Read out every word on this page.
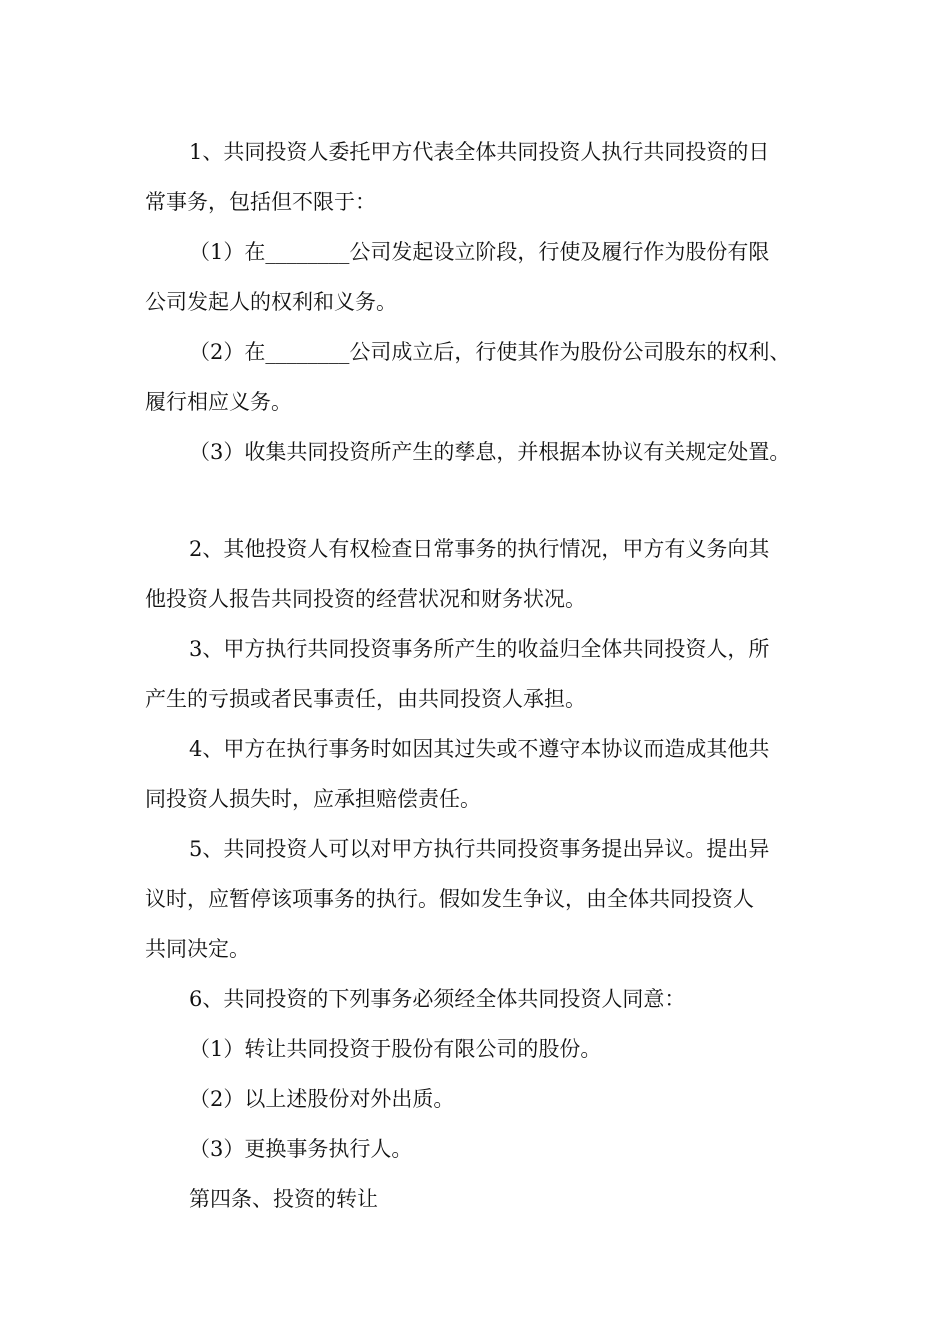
1、共同投资人委托甲方代表全体共同投资人执行共同投资的日
常事务，包括但不限于：
（1）在________公司发起设立阶段，行使及履行作为股份有限
公司发起人的权利和义务。
（2）在________公司成立后，行使其作为股份公司股东的权利、
履行相应义务。
（3）收集共同投资所产生的孳息，并根据本协议有关规定处置。
2、其他投资人有权检查日常事务的执行情况，甲方有义务向其
他投资人报告共同投资的经营状况和财务状况。
3、甲方执行共同投资事务所产生的收益归全体共同投资人，所
产生的亏损或者民事责任，由共同投资人承担。
4、甲方在执行事务时如因其过失或不遵守本协议而造成其他共
同投资人损失时，应承担赔偿责任。
5、共同投资人可以对甲方执行共同投资事务提出异议。提出异
议时，应暂停该项事务的执行。假如发生争议，由全体共同投资人
共同决定。
6、共同投资的下列事务必须经全体共同投资人同意：
（1）转让共同投资于股份有限公司的股份。
（2）以上述股份对外出质。
（3）更换事务执行人。
第四条、投资的转让
